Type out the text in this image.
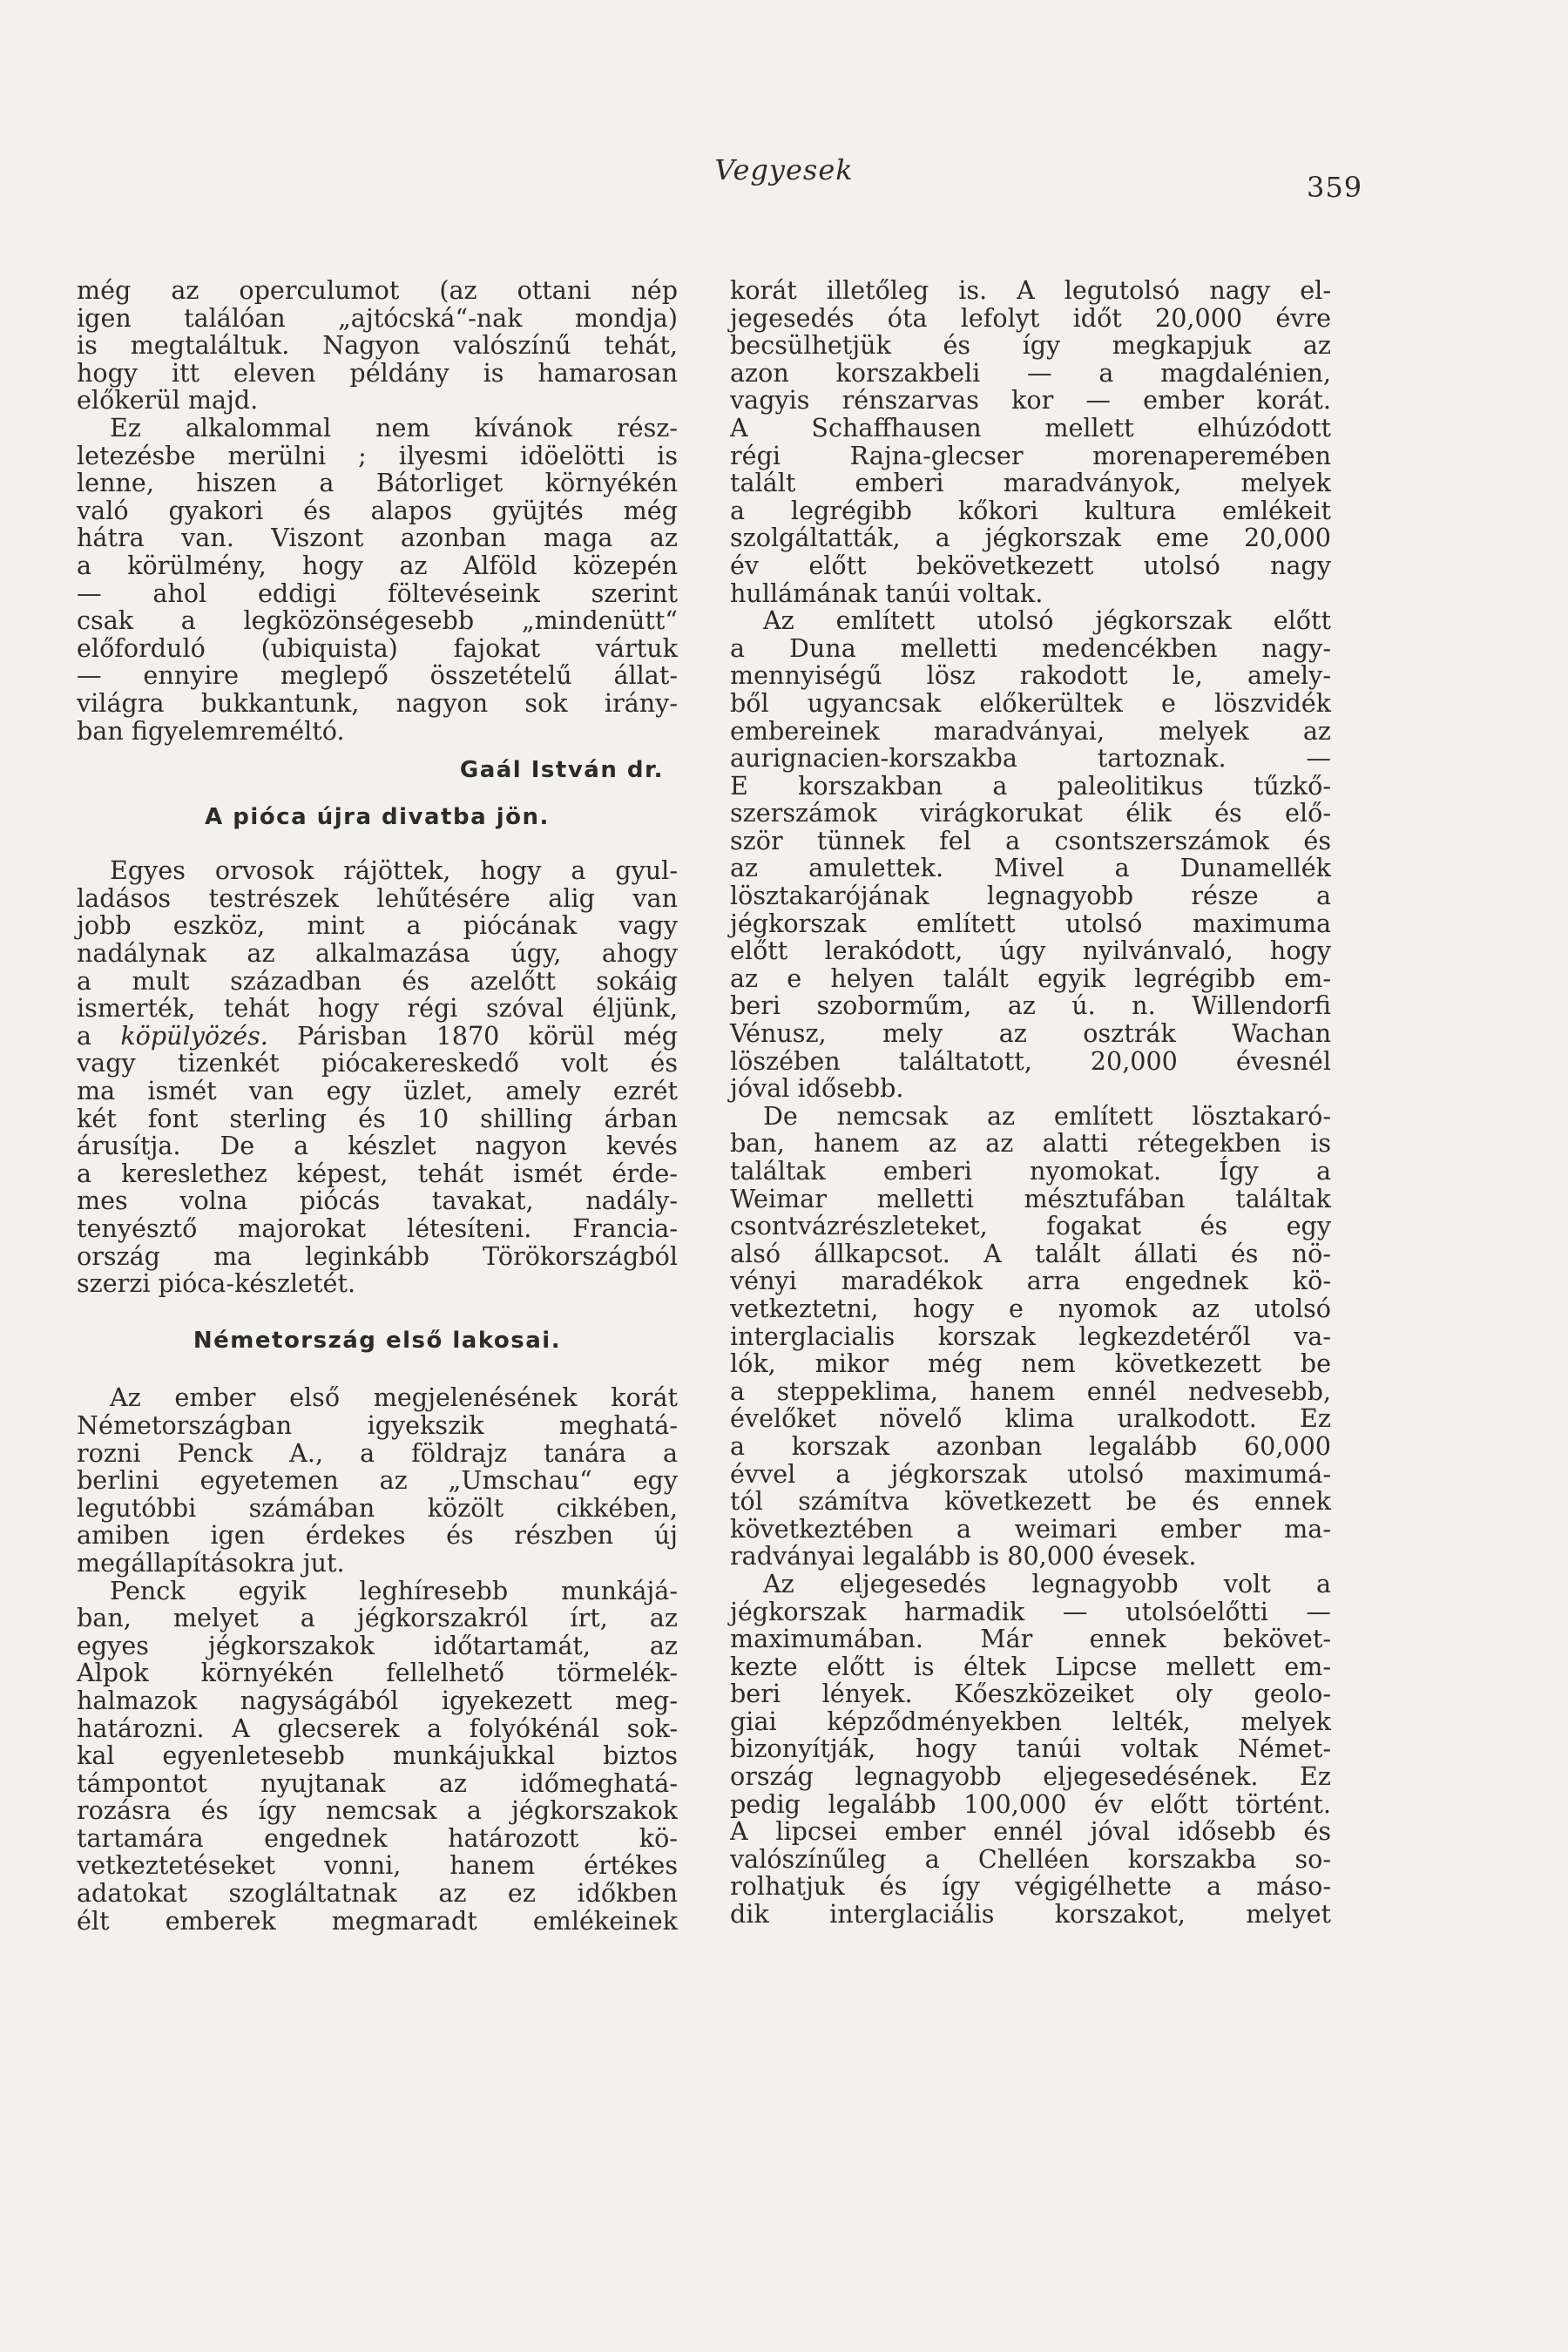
Vegyesek
359
még az operculumot (az ottani nép
igen találóan „ajtócská“-nak mondja)
is megtaláltuk. Nagyon valószínű tehát,
hogy itt eleven példány is hamarosan
előkerül majd.
Ez alkalommal nem kívánok rész-
letezésbe merülni ; ilyesmi idöelötti is
lenne, hiszen a Bátorliget környékén
való gyakori és alapos gyüjtés még
hátra van. Viszont azonban maga az
a körülmény, hogy az Alföld közepén
— ahol eddigi föltevéseink szerint
csak a legközönségesebb „mindenütt“
előforduló (ubiquista) fajokat vártuk
— ennyire meglepő összetételű állat-
világra bukkantunk, nagyon sok irány-
ban figyelemreméltó.
Gaál István dr.
A pióca újra divatba jön.
Egyes orvosok rájöttek, hogy a gyul-
ladásos testrészek lehűtésére alig van
jobb eszköz, mint a piócának vagy
nadálynak az alkalmazása úgy, ahogy
a mult században és azelőtt sokáig
ismerték, tehát hogy régi szóval éljünk,
a köpülyözés. Párisban 1870 körül még
vagy tizenkét piócakereskedő volt és
ma ismét van egy üzlet, amely ezrét
két font sterling és 10 shilling árban
árusítja. De a készlet nagyon kevés
a kereslethez képest, tehát ismét érde-
mes volna piócás tavakat, nadály-
tenyésztő majorokat létesíteni. Francia-
ország ma leginkább Törökországból
szerzi pióca-készletét.
Németország első lakosai.
Az ember első megjelenésének korát
Németországban igyekszik meghatá-
rozni Penck A., a földrajz tanára a
berlini egyetemen az „Umschau“ egy
legutóbbi számában közölt cikkében,
amiben igen érdekes és részben új
megállapításokra jut.
Penck egyik leghíresebb munkájá-
ban, melyet a jégkorszakról írt, az
egyes jégkorszakok időtartamát, az
Alpok környékén fellelhető törmelék-
halmazok nagyságából igyekezett meg-
határozni. A glecserek a folyókénál sok-
kal egyenletesebb munkájukkal biztos
támpontot nyujtanak az időmeghatá-
rozásra és így nemcsak a jégkorszakok
tartamára engednek határozott kö-
vetkeztetéseket vonni, hanem értékes
adatokat szogláltatnak az ez időkben
élt emberek megmaradt emlékeinek
korát illetőleg is. A legutolsó nagy el-
jegesedés óta lefolyt időt 20,000 évre
becsülhetjük és így megkapjuk az
azon korszakbeli — a magdalénien,
vagyis rénszarvas kor — ember korát.
A Schaffhausen mellett elhúzódott
régi Rajna-glecser morenaperemében
talált emberi maradványok, melyek
a legrégibb kőkori kultura emlékeit
szolgáltatták, a jégkorszak eme 20,000
év előtt bekövetkezett utolsó nagy
hullámának tanúi voltak.
Az említett utolsó jégkorszak előtt
a Duna melletti medencékben nagy-
mennyiségű lösz rakodott le, amely-
ből ugyancsak előkerültek e löszvidék
embereinek maradványai, melyek az
aurignacien-korszakba tartoznak. —
E korszakban a paleolitikus tűzkő-
szerszámok virágkorukat élik és elő-
ször tünnek fel a csontszerszámok és
az amulettek. Mivel a Dunamellék
lösztakarójának legnagyobb része a
jégkorszak említett utolsó maximuma
előtt lerakódott, úgy nyilvánvaló, hogy
az e helyen talált egyik legrégibb em-
beri szoborműm, az ú. n. Willendorfi
Vénusz, mely az osztrák Wachan
löszében találtatott, 20,000 évesnél
jóval idősebb.
De nemcsak az említett lösztakaró-
ban, hanem az az alatti rétegekben is
találtak emberi nyomokat. Így a
Weimar melletti mésztufában találtak
csontvázrészleteket, fogakat és egy
alsó állkapcsot. A talált állati és nö-
vényi maradékok arra engednek kö-
vetkeztetni, hogy e nyomok az utolsó
interglacialis korszak legkezdetéről va-
lók, mikor még nem következett be
a steppeklima, hanem ennél nedvesebb,
évelőket növelő klima uralkodott. Ez
a korszak azonban legalább 60,000
évvel a jégkorszak utolsó maximumá-
tól számítva következett be és ennek
következtében a weimari ember ma-
radványai legalább is 80,000 évesek.
Az eljegesedés legnagyobb volt a
jégkorszak harmadik — utolsóelőtti —
maximumában. Már ennek bekövet-
kezte előtt is éltek Lipcse mellett em-
beri lények. Kőeszközeiket oly geolo-
giai képződményekben lelték, melyek
bizonyítják, hogy tanúi voltak Német-
ország legnagyobb eljegesedésének. Ez
pedig legalább 100,000 év előtt történt.
A lipcsei ember ennél jóval idősebb és
valószínűleg a Chelléen korszakba so-
rolhatjuk és így végigélhette a máso-
dik interglaciális korszakot, melyet
